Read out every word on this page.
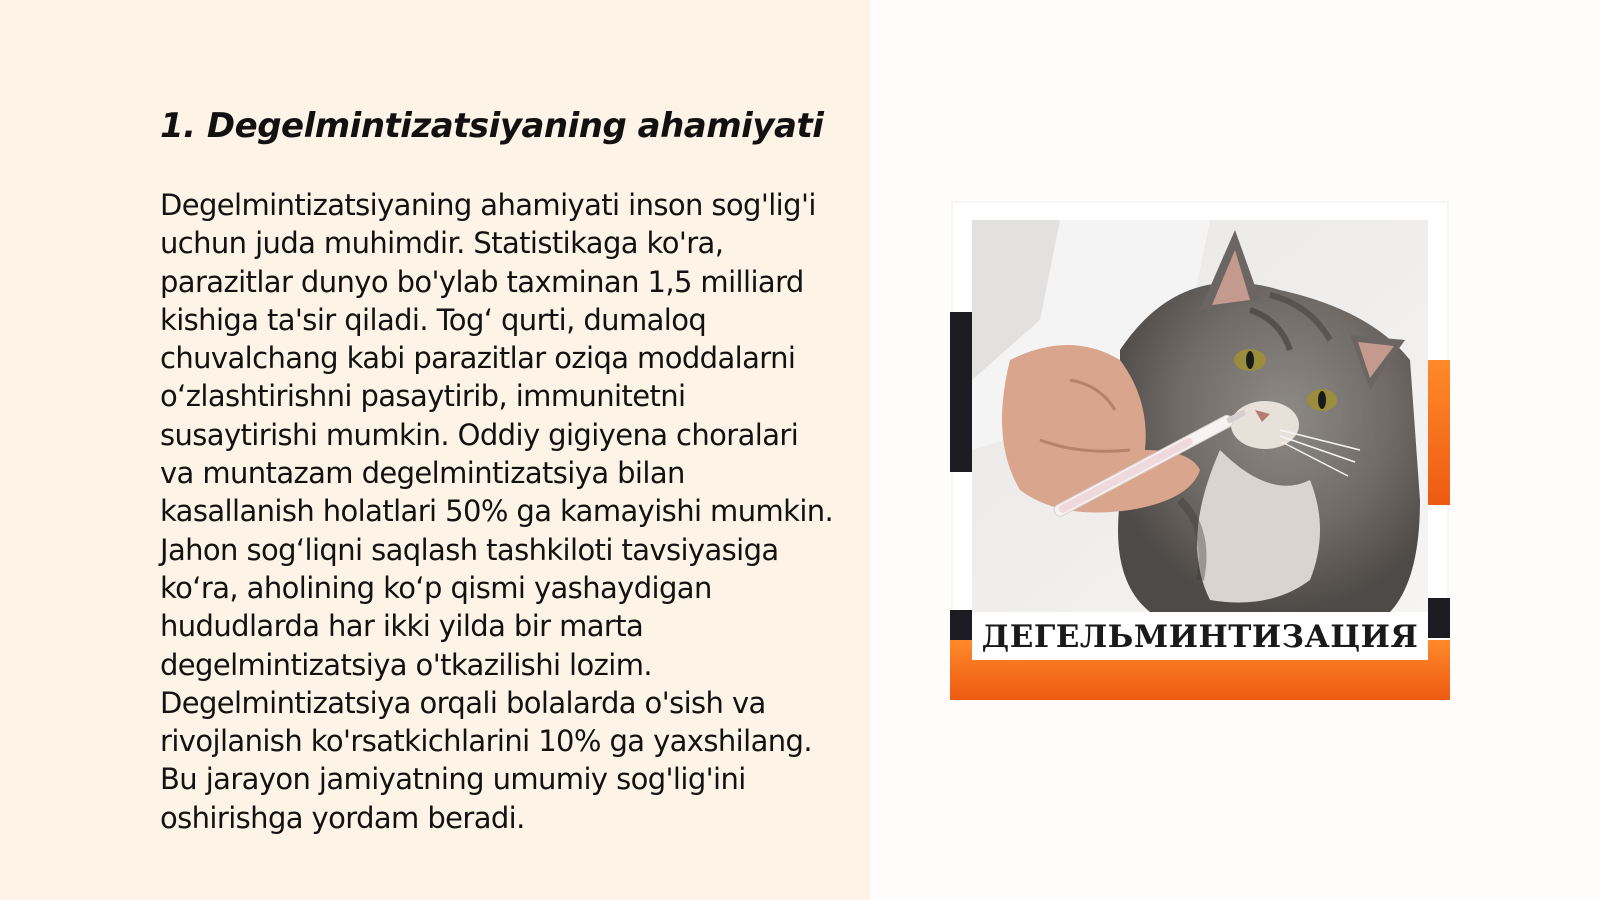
1. Degelmintizatsiyaning ahamiyati

Degelmintizatsiyaning ahamiyati inson sog'lig'i uchun juda muhimdir. Statistikaga ko'ra, parazitlar dunyo bo'ylab taxminan 1,5 milliard kishiga ta'sir qiladi. Tog‘ qurti, dumaloq chuvalchang kabi parazitlar oziqa moddalarni o‘zlashtirishni pasaytirib, immunitetni susaytirishi mumkin. Oddiy gigiyena choralari va muntazam degelmintizatsiya bilan kasallanish holatlari 50% ga kamayishi mumkin. Jahon sog‘liqni saqlash tashkiloti tavsiyasiga ko‘ra, aholining ko‘p qismi yashaydigan hududlarda har ikki yilda bir marta degelmintizatsiya o'tkazilishi lozim. Degelmintizatsiya orqali bolalarda o'sish va rivojlanish ko'rsatkichlarini 10% ga yaxshilang. Bu jarayon jamiyatning umumiy sog'lig'ini oshirishga yordam beradi.

ДЕГЕЛЬМИНТИЗАЦИЯ
